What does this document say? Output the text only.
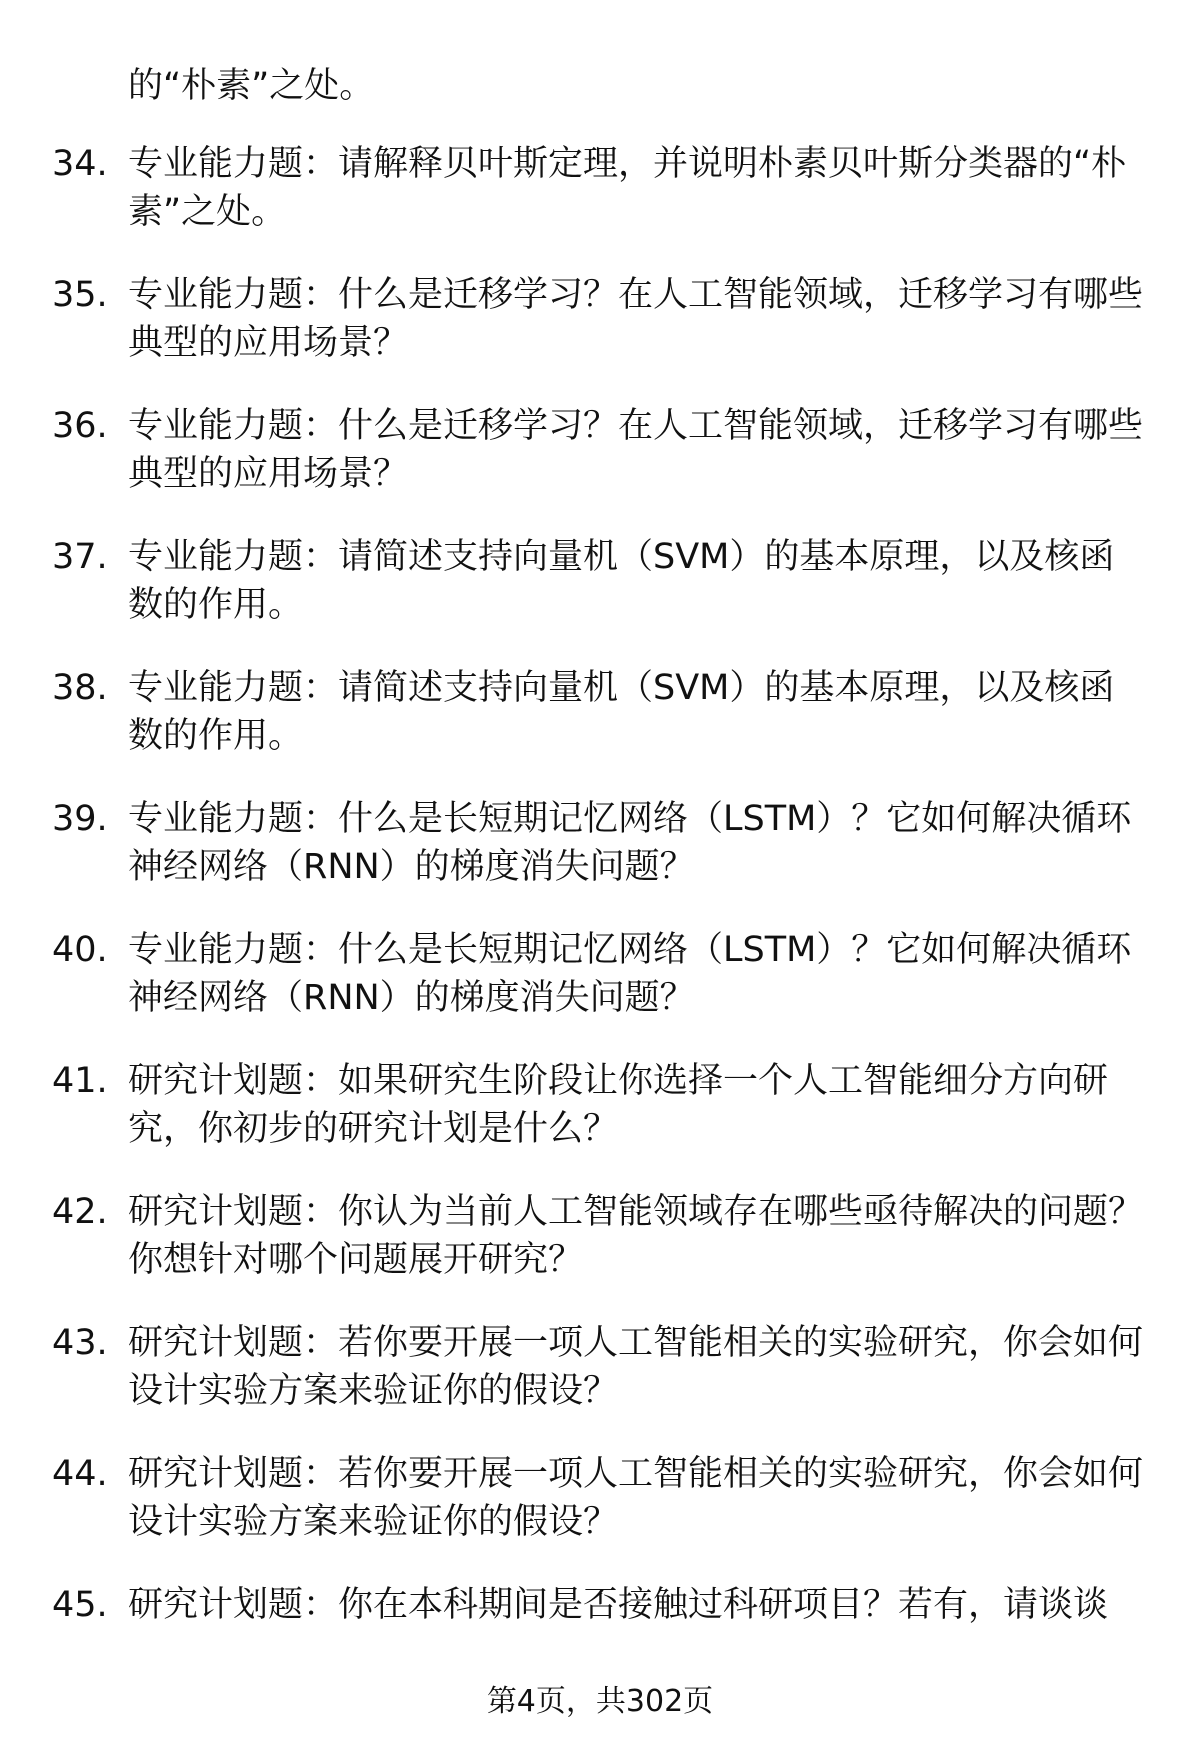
的“朴素”之处。
34. 专业能力题：请解释贝叶斯定理，并说明朴素贝叶斯分类器的“朴素”之处。
35. 专业能力题：什么是迁移学习？在人工智能领域，迁移学习有哪些典型的应用场景？
36. 专业能力题：什么是迁移学习？在人工智能领域，迁移学习有哪些典型的应用场景？
37. 专业能力题：请简述支持向量机（SVM）的基本原理，以及核函数的作用。
38. 专业能力题：请简述支持向量机（SVM）的基本原理，以及核函数的作用。
39. 专业能力题：什么是长短期记忆网络（LSTM）？它如何解决循环神经网络（RNN）的梯度消失问题？
40. 专业能力题：什么是长短期记忆网络（LSTM）？它如何解决循环神经网络（RNN）的梯度消失问题？
41. 研究计划题：如果研究生阶段让你选择一个人工智能细分方向研究，你初步的研究计划是什么？
42. 研究计划题：你认为当前人工智能领域存在哪些亟待解决的问题？你想针对哪个问题展开研究？
43. 研究计划题：若你要开展一项人工智能相关的实验研究，你会如何设计实验方案来验证你的假设？
44. 研究计划题：若你要开展一项人工智能相关的实验研究，你会如何设计实验方案来验证你的假设？
45. 研究计划题：你在本科期间是否接触过科研项目？若有，请谈谈
第4页，共302页
